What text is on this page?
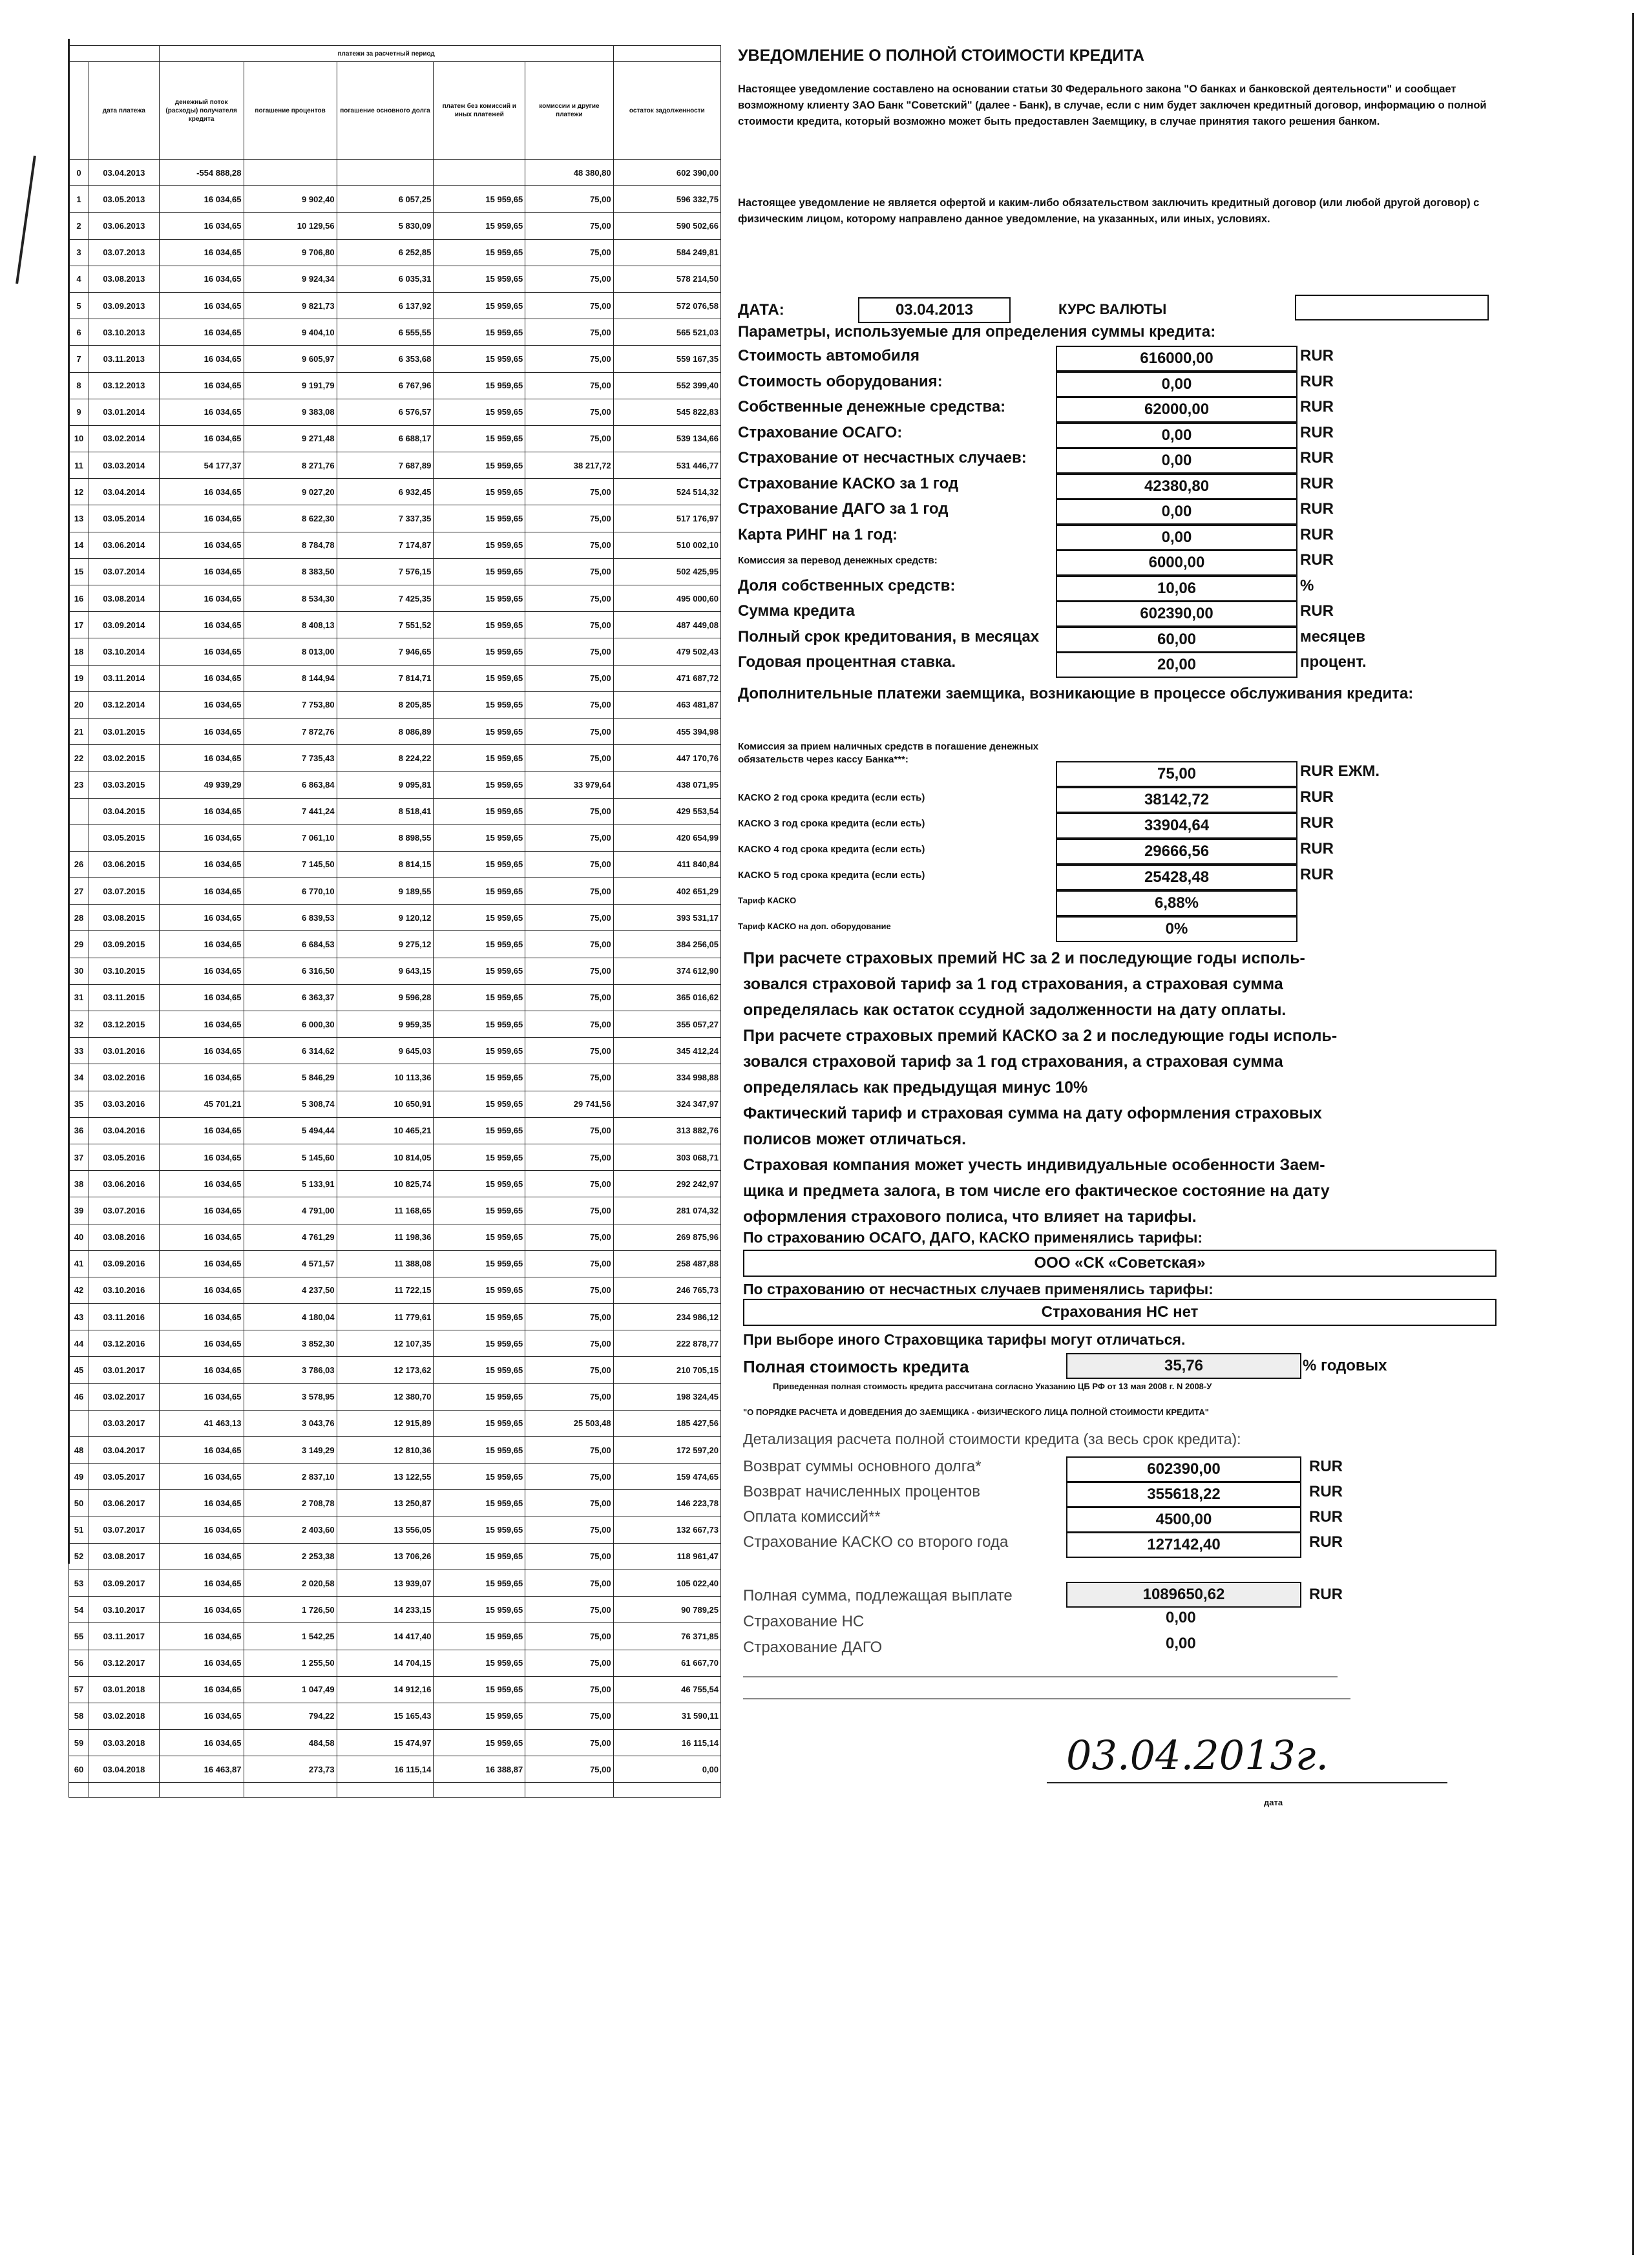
		платежи за расчетный период					
	дата платежа	денежный поток (расходы) получателя кредита	погашение процентов	погашение основного долга	платеж без комиссий и иных платежей	комиссии и другие платежи	остаток задолженности
0	03.04.2013	-554 888,28				48 380,80	602 390,00
1	03.05.2013	16 034,65	9 902,40	6 057,25	15 959,65	75,00	596 332,75
2	03.06.2013	16 034,65	10 129,56	5 830,09	15 959,65	75,00	590 502,66
3	03.07.2013	16 034,65	9 706,80	6 252,85	15 959,65	75,00	584 249,81
4	03.08.2013	16 034,65	9 924,34	6 035,31	15 959,65	75,00	578 214,50
5	03.09.2013	16 034,65	9 821,73	6 137,92	15 959,65	75,00	572 076,58
6	03.10.2013	16 034,65	9 404,10	6 555,55	15 959,65	75,00	565 521,03
7	03.11.2013	16 034,65	9 605,97	6 353,68	15 959,65	75,00	559 167,35
8	03.12.2013	16 034,65	9 191,79	6 767,96	15 959,65	75,00	552 399,40
9	03.01.2014	16 034,65	9 383,08	6 576,57	15 959,65	75,00	545 822,83
10	03.02.2014	16 034,65	9 271,48	6 688,17	15 959,65	75,00	539 134,66
11	03.03.2014	54 177,37	8 271,76	7 687,89	15 959,65	38 217,72	531 446,77
12	03.04.2014	16 034,65	9 027,20	6 932,45	15 959,65	75,00	524 514,32
13	03.05.2014	16 034,65	8 622,30	7 337,35	15 959,65	75,00	517 176,97
14	03.06.2014	16 034,65	8 784,78	7 174,87	15 959,65	75,00	510 002,10
15	03.07.2014	16 034,65	8 383,50	7 576,15	15 959,65	75,00	502 425,95
16	03.08.2014	16 034,65	8 534,30	7 425,35	15 959,65	75,00	495 000,60
17	03.09.2014	16 034,65	8 408,13	7 551,52	15 959,65	75,00	487 449,08
18	03.10.2014	16 034,65	8 013,00	7 946,65	15 959,65	75,00	479 502,43
19	03.11.2014	16 034,65	8 144,94	7 814,71	15 959,65	75,00	471 687,72
20	03.12.2014	16 034,65	7 753,80	8 205,85	15 959,65	75,00	463 481,87
21	03.01.2015	16 034,65	7 872,76	8 086,89	15 959,65	75,00	455 394,98
22	03.02.2015	16 034,65	7 735,43	8 224,22	15 959,65	75,00	447 170,76
23	03.03.2015	49 939,29	6 863,84	9 095,81	15 959,65	33 979,64	438 071,95
	03.04.2015	16 034,65	7 441,24	8 518,41	15 959,65	75,00	429 553,54
	03.05.2015	16 034,65	7 061,10	8 898,55	15 959,65	75,00	420 654,99
26	03.06.2015	16 034,65	7 145,50	8 814,15	15 959,65	75,00	411 840,84
27	03.07.2015	16 034,65	6 770,10	9 189,55	15 959,65	75,00	402 651,29
28	03.08.2015	16 034,65	6 839,53	9 120,12	15 959,65	75,00	393 531,17
29	03.09.2015	16 034,65	6 684,53	9 275,12	15 959,65	75,00	384 256,05
30	03.10.2015	16 034,65	6 316,50	9 643,15	15 959,65	75,00	374 612,90
31	03.11.2015	16 034,65	6 363,37	9 596,28	15 959,65	75,00	365 016,62
32	03.12.2015	16 034,65	6 000,30	9 959,35	15 959,65	75,00	355 057,27
33	03.01.2016	16 034,65	6 314,62	9 645,03	15 959,65	75,00	345 412,24
34	03.02.2016	16 034,65	5 846,29	10 113,36	15 959,65	75,00	334 998,88
35	03.03.2016	45 701,21	5 308,74	10 650,91	15 959,65	29 741,56	324 347,97
36	03.04.2016	16 034,65	5 494,44	10 465,21	15 959,65	75,00	313 882,76
37	03.05.2016	16 034,65	5 145,60	10 814,05	15 959,65	75,00	303 068,71
38	03.06.2016	16 034,65	5 133,91	10 825,74	15 959,65	75,00	292 242,97
39	03.07.2016	16 034,65	4 791,00	11 168,65	15 959,65	75,00	281 074,32
40	03.08.2016	16 034,65	4 761,29	11 198,36	15 959,65	75,00	269 875,96
41	03.09.2016	16 034,65	4 571,57	11 388,08	15 959,65	75,00	258 487,88
42	03.10.2016	16 034,65	4 237,50	11 722,15	15 959,65	75,00	246 765,73
43	03.11.2016	16 034,65	4 180,04	11 779,61	15 959,65	75,00	234 986,12
44	03.12.2016	16 034,65	3 852,30	12 107,35	15 959,65	75,00	222 878,77
45	03.01.2017	16 034,65	3 786,03	12 173,62	15 959,65	75,00	210 705,15
46	03.02.2017	16 034,65	3 578,95	12 380,70	15 959,65	75,00	198 324,45
	03.03.2017	41 463,13	3 043,76	12 915,89	15 959,65	25 503,48	185 427,56
48	03.04.2017	16 034,65	3 149,29	12 810,36	15 959,65	75,00	172 597,20
49	03.05.2017	16 034,65	2 837,10	13 122,55	15 959,65	75,00	159 474,65
50	03.06.2017	16 034,65	2 708,78	13 250,87	15 959,65	75,00	146 223,78
51	03.07.2017	16 034,65	2 403,60	13 556,05	15 959,65	75,00	132 667,73
52	03.08.2017	16 034,65	2 253,38	13 706,26	15 959,65	75,00	118 961,47
53	03.09.2017	16 034,65	2 020,58	13 939,07	15 959,65	75,00	105 022,40
54	03.10.2017	16 034,65	1 726,50	14 233,15	15 959,65	75,00	90 789,25
55	03.11.2017	16 034,65	1 542,25	14 417,40	15 959,65	75,00	76 371,85
56	03.12.2017	16 034,65	1 255,50	14 704,15	15 959,65	75,00	61 667,70
57	03.01.2018	16 034,65	1 047,49	14 912,16	15 959,65	75,00	46 755,54
58	03.02.2018	16 034,65	794,22	15 165,43	15 959,65	75,00	31 590,11
59	03.03.2018	16 034,65	484,58	15 474,97	15 959,65	75,00	16 115,14
60	03.04.2018	16 463,87	273,73	16 115,14	16 388,87	75,00	0,00

УВЕДОМЛЕНИЕ О ПОЛНОЙ СТОИМОСТИ КРЕДИТА
Настоящее уведомление составлено на основании статьи 30 Федерального закона "О банках и банковской деятельности" и сообщает возможному клиенту ЗАО Банк "Советский" (далее - Банк), в случае, если с ним будет заключен кредитный договор, информацию о полной стоимости кредита, который возможно может быть предоставлен Заемщику, в случае принятия такого решения банком.
Настоящее уведомление не является офертой и каким-либо обязательством заключить кредитный договор (или любой другой договор) с физическим лицом, которому направлено данное уведомление, на указанных, или иных, условиях.
ДАТА:	03.04.2013	КУРС ВАЛЮТЫ
Параметры, используемые для определения суммы кредита:
Стоимость автомобиля	616000,00	RUR
Стоимость оборудования:	0,00	RUR
Собственные денежные средства:	62000,00	RUR
Страхование ОСАГО:	0,00	RUR
Страхование от несчастных случаев:	0,00	RUR
Страхование КАСКО за 1 год	42380,80	RUR
Страхование ДАГО за 1 год	0,00	RUR
Карта РИНГ на 1 год:	0,00	RUR
Комиссия за перевод денежных средств:	6000,00	RUR
Доля собственных средств:	10,06	%
Сумма кредита	602390,00	RUR
Полный срок кредитования, в месяцах	60,00	месяцев
Годовая процентная ставка.	20,00	процент.
Дополнительные платежи заемщика, возникающие в процессе обслуживания кредита:
Комиссия за прием наличных средств в погашение денежных обязательств через кассу Банка***:
75,00	RUR ЕЖМ.
КАСКО 2 год срока кредита (если есть)	38142,72	RUR
КАСКО 3 год срока кредита (если есть)	33904,64	RUR
КАСКО 4 год срока кредита (если есть)	29666,56	RUR
КАСКО 5 год срока кредита (если есть)	25428,48	RUR
Тариф КАСКО	6,88%
Тариф КАСКО на доп. оборудование	0%
При расчете страховых премий НС за 2 и последующие годы исполь-
зовался страховой тариф за 1 год страхования, а страховая сумма
определялась как остаток ссудной задолженности на дату оплаты.
При расчете страховых премий КАСКО за 2 и последующие годы исполь-
зовался страховой тариф за 1 год страхования, а страховая сумма
определялась как предыдущая минус 10%
Фактический тариф и страховая сумма на дату оформления страховых
полисов может отличаться.
Страховая компания может учесть индивидуальные особенности Заем-
щика и предмета залога, в том числе его фактическое состояние на дату
оформления страхового полиса, что влияет на тарифы.
По страхованию ОСАГО, ДАГО, КАСКО применялись тарифы:
ООО «СК «Советская»
По страхованию от несчастных случаев применялись тарифы:
Страхования НС нет
При выборе иного Страховщика тарифы могут отличаться.
Полная стоимость кредита	35,76	% годовых
Приведенная полная стоимость кредита рассчитана согласно Указанию ЦБ РФ от 13 мая 2008 г. N 2008-У
"О ПОРЯДКЕ РАСЧЕТА И ДОВЕДЕНИЯ ДО ЗАЕМЩИКА - ФИЗИЧЕСКОГО ЛИЦА ПОЛНОЙ СТОИМОСТИ КРЕДИТА"
Детализация расчета полной стоимости кредита (за весь срок кредита):
Возврат суммы основного долга*	602390,00	RUR
Возврат начисленных процентов	355618,22	RUR
Оплата комиссий**	4500,00	RUR
Страхование КАСКО со второго года	127142,40	RUR
Полная сумма, подлежащая выплате	1089650,62	RUR
Страхование НС	0,00
Страхование ДАГО	0,00
03.04.2013г.
дата
